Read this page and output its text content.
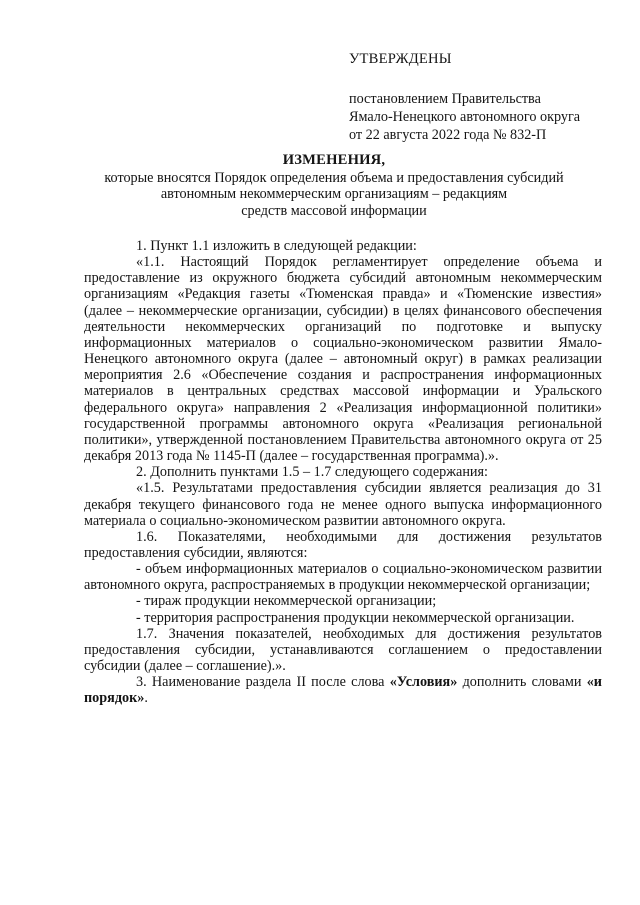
УТВЕРЖДЕНЫ
постановлением Правительства
Ямало-Ненецкого автономного округа
от 22 августа 2022 года № 832-П
ИЗМЕНЕНИЯ,
которые вносятся Порядок определения объема и предоставления субсидий
автономным некоммерческим организациям – редакциям
средств массовой информации

1. Пункт 1.1 изложить в следующей редакции:

«1.1. Настоящий Порядок регламентирует определение объема и предоставление из окружного бюджета субсидий автономным некоммерческим организациям «Редакция газеты «Тюменская правда» и «Тюменские известия» (далее – некоммерческие организации, субсидии) в целях финансового обеспечения деятельности некоммерческих организаций по подготовке и выпуску информационных материалов о социально-экономическом развитии Ямало-Ненецкого автономного округа (далее – автономный округ) в рамках реализации мероприятия 2.6 «Обеспечение создания и распространения информационных материалов в центральных средствах массовой информации и Уральского федерального округа» направления 2 «Реализация информационной политики» государственной программы автономного округа «Реализация региональной политики», утвержденной постановлением Правительства автономного округа от 25 декабря 2013 года № 1145-П (далее – государственная программа).».

2. Дополнить пунктами 1.5 – 1.7 следующего содержания:

«1.5. Результатами предоставления субсидии является реализация до 31 декабря текущего финансового года не менее одного выпуска информационного материала о социально-экономическом развитии автономного округа.

1.6. Показателями, необходимыми для достижения результатов предоставления субсидии, являются:

- объем информационных материалов о социально-экономическом развитии автономного округа, распространяемых в продукции некоммерческой организации;

- тираж продукции некоммерческой организации;

- территория распространения продукции некоммерческой организации.

1.7. Значения показателей, необходимых для достижения результатов предоставления субсидии, устанавливаются соглашением о предоставлении субсидии (далее – соглашение).».

3. Наименование раздела II после слова «Условия» дополнить словами «и порядок».
